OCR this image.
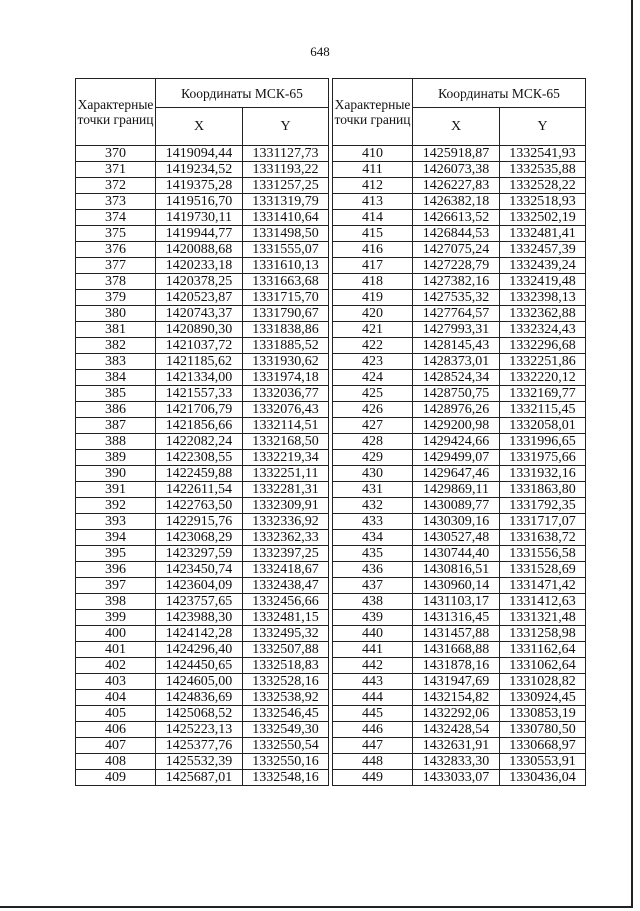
648
Характерные точки границ	Координаты МСК-65	
	X	Y
370	1419094,44	1331127,73
371	1419234,52	1331193,22
372	1419375,28	1331257,25
373	1419516,70	1331319,79
374	1419730,11	1331410,64
375	1419944,77	1331498,50
376	1420088,68	1331555,07
377	1420233,18	1331610,13
378	1420378,25	1331663,68
379	1420523,87	1331715,70
380	1420743,37	1331790,67
381	1420890,30	1331838,86
382	1421037,72	1331885,52
383	1421185,62	1331930,62
384	1421334,00	1331974,18
385	1421557,33	1332036,77
386	1421706,79	1332076,43
387	1421856,66	1332114,51
388	1422082,24	1332168,50
389	1422308,55	1332219,34
390	1422459,88	1332251,11
391	1422611,54	1332281,31
392	1422763,50	1332309,91
393	1422915,76	1332336,92
394	1423068,29	1332362,33
395	1423297,59	1332397,25
396	1423450,74	1332418,67
397	1423604,09	1332438,47
398	1423757,65	1332456,66
399	1423988,30	1332481,15
400	1424142,28	1332495,32
401	1424296,40	1332507,88
402	1424450,65	1332518,83
403	1424605,00	1332528,16
404	1424836,69	1332538,92
405	1425068,52	1332546,45
406	1425223,13	1332549,30
407	1425377,76	1332550,54
408	1425532,39	1332550,16
409	1425687,01	1332548,16
Характерные точки границ	Координаты МСК-65	
	X	Y
410	1425918,87	1332541,93
411	1426073,38	1332535,88
412	1426227,83	1332528,22
413	1426382,18	1332518,93
414	1426613,52	1332502,19
415	1426844,53	1332481,41
416	1427075,24	1332457,39
417	1427228,79	1332439,24
418	1427382,16	1332419,48
419	1427535,32	1332398,13
420	1427764,57	1332362,88
421	1427993,31	1332324,43
422	1428145,43	1332296,68
423	1428373,01	1332251,86
424	1428524,34	1332220,12
425	1428750,75	1332169,77
426	1428976,26	1332115,45
427	1429200,98	1332058,01
428	1429424,66	1331996,65
429	1429499,07	1331975,66
430	1429647,46	1331932,16
431	1429869,11	1331863,80
432	1430089,77	1331792,35
433	1430309,16	1331717,07
434	1430527,48	1331638,72
435	1430744,40	1331556,58
436	1430816,51	1331528,69
437	1430960,14	1331471,42
438	1431103,17	1331412,63
439	1431316,45	1331321,48
440	1431457,88	1331258,98
441	1431668,88	1331162,64
442	1431878,16	1331062,64
443	1431947,69	1331028,82
444	1432154,82	1330924,45
445	1432292,06	1330853,19
446	1432428,54	1330780,50
447	1432631,91	1330668,97
448	1432833,30	1330553,91
449	1433033,07	1330436,04
